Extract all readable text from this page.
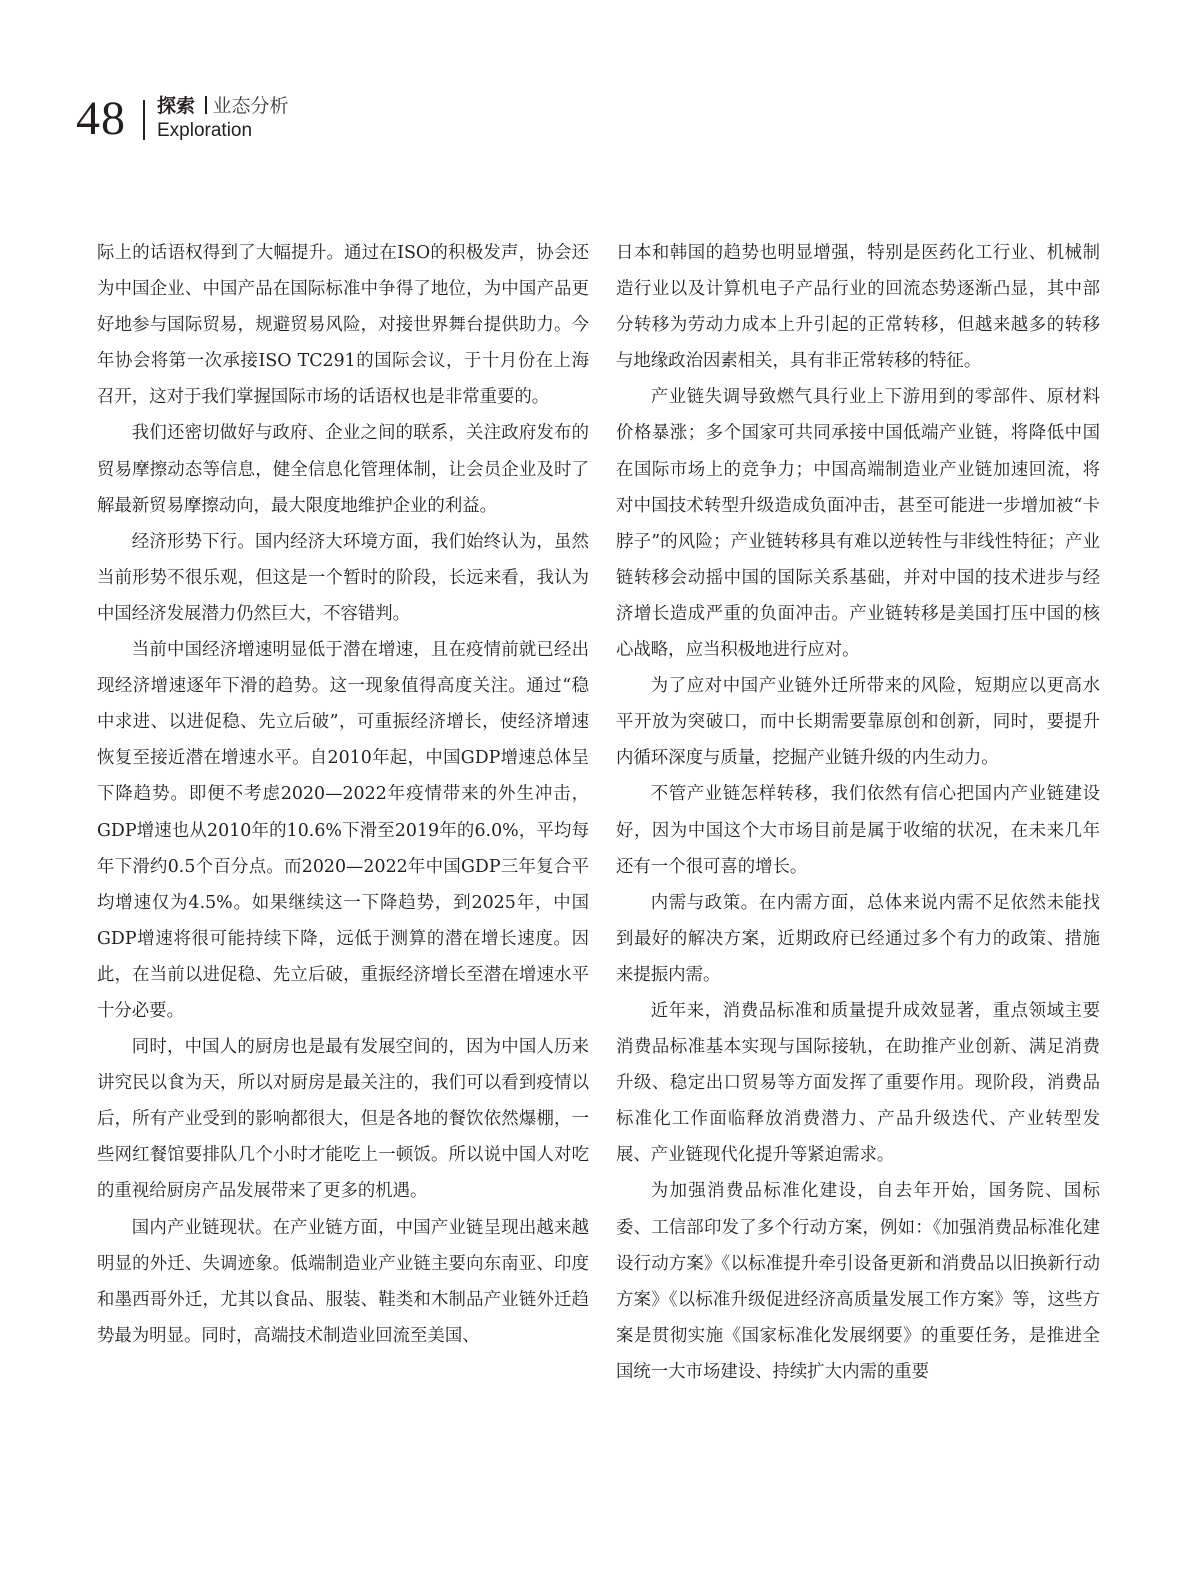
48 探索 业态分析
Exploration

际上的话语权得到了大幅提升。通过在ISO的积极发声，协会还为中国企业、中国产品在国际标准中争得了地位，为中国产品更好地参与国际贸易，规避贸易风险，对接世界舞台提供助力。今年协会将第一次承接ISO TC291的国际会议，于十月份在上海召开，这对于我们掌握国际市场的话语权也是非常重要的。

我们还密切做好与政府、企业之间的联系，关注政府发布的贸易摩擦动态等信息，健全信息化管理体制，让会员企业及时了解最新贸易摩擦动向，最大限度地维护企业的利益。

经济形势下行。国内经济大环境方面，我们始终认为，虽然当前形势不很乐观，但这是一个暂时的阶段，长远来看，我认为中国经济发展潜力仍然巨大，不容错判。

当前中国经济增速明显低于潜在增速，且在疫情前就已经出现经济增速逐年下滑的趋势。这一现象值得高度关注。通过“稳中求进、以进促稳、先立后破”，可重振经济增长，使经济增速恢复至接近潜在增速水平。自2010年起，中国GDP增速总体呈下降趋势。即便不考虑2020—2022年疫情带来的外生冲击，GDP增速也从2010年的10.6%下滑至2019年的6.0%，平均每年下滑约0.5个百分点。而2020—2022年中国GDP三年复合平均增速仅为4.5%。如果继续这一下降趋势，到2025年，中国GDP增速将很可能持续下降，远低于测算的潜在增长速度。因此，在当前以进促稳、先立后破，重振经济增长至潜在增速水平十分必要。

同时，中国人的厨房也是最有发展空间的，因为中国人历来讲究民以食为天，所以对厨房是最关注的，我们可以看到疫情以后，所有产业受到的影响都很大，但是各地的餐饮依然爆棚，一些网红餐馆要排队几个小时才能吃上一顿饭。所以说中国人对吃的重视给厨房产品发展带来了更多的机遇。

国内产业链现状。在产业链方面，中国产业链呈现出越来越明显的外迁、失调迹象。低端制造业产业链主要向东南亚、印度和墨西哥外迁，尤其以食品、服装、鞋类和木制品产业链外迁趋势最为明显。同时，高端技术制造业回流至美国、

日本和韩国的趋势也明显增强，特别是医药化工行业、机械制造行业以及计算机电子产品行业的回流态势逐渐凸显，其中部分转移为劳动力成本上升引起的正常转移，但越来越多的转移与地缘政治因素相关，具有非正常转移的特征。

产业链失调导致燃气具行业上下游用到的零部件、原材料价格暴涨；多个国家可共同承接中国低端产业链，将降低中国在国际市场上的竞争力；中国高端制造业产业链加速回流，将对中国技术转型升级造成负面冲击，甚至可能进一步增加被“卡脖子”的风险；产业链转移具有难以逆转性与非线性特征；产业链转移会动摇中国的国际关系基础，并对中国的技术进步与经济增长造成严重的负面冲击。产业链转移是美国打压中国的核心战略，应当积极地进行应对。

为了应对中国产业链外迁所带来的风险，短期应以更高水平开放为突破口，而中长期需要靠原创和创新，同时，要提升内循环深度与质量，挖掘产业链升级的内生动力。

不管产业链怎样转移，我们依然有信心把国内产业链建设好，因为中国这个大市场目前是属于收缩的状况，在未来几年还有一个很可喜的增长。

内需与政策。在内需方面，总体来说内需不足依然未能找到最好的解决方案，近期政府已经通过多个有力的政策、措施来提振内需。

近年来，消费品标准和质量提升成效显著，重点领域主要消费品标准基本实现与国际接轨，在助推产业创新、满足消费升级、稳定出口贸易等方面发挥了重要作用。现阶段，消费品标准化工作面临释放消费潜力、产品升级迭代、产业转型发展、产业链现代化提升等紧迫需求。

为加强消费品标准化建设，自去年开始，国务院、国标委、工信部印发了多个行动方案，例如：《加强消费品标准化建设行动方案》《以标准提升牵引设备更新和消费品以旧换新行动方案》《以标准升级促进经济高质量发展工作方案》等，这些方案是贯彻实施《国家标准化发展纲要》的重要任务，是推进全国统一大市场建设、持续扩大内需的重要
